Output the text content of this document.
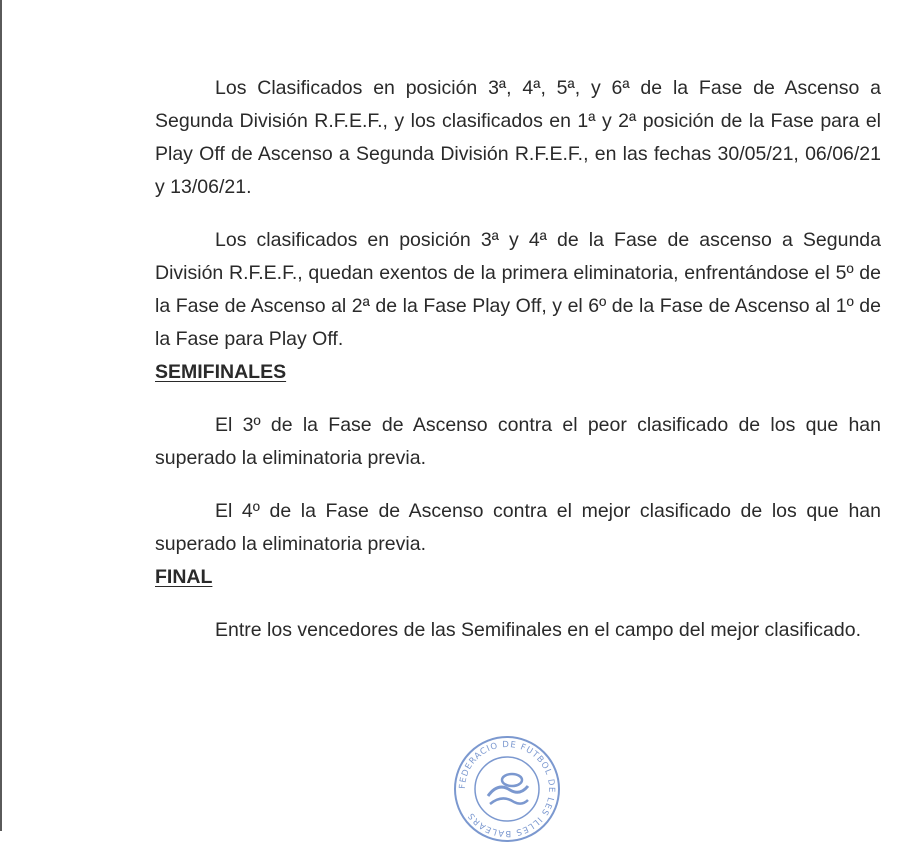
Los Clasificados en posición 3ª, 4ª, 5ª, y 6ª de la Fase de Ascenso a Segunda División R.F.E.F., y los clasificados en 1ª y 2ª posición de la Fase para el Play Off de Ascenso a Segunda División R.F.E.F., en las fechas 30/05/21, 06/06/21 y 13/06/21.

Los clasificados en posición 3ª y 4ª de la Fase de ascenso a Segunda División R.F.E.F., quedan exentos de la primera eliminatoria, enfrentándose el 5º de la Fase de Ascenso al 2ª de la Fase Play Off, y el 6º de la Fase de Ascenso al 1º de la Fase para Play Off.

SEMIFINALES

El 3º de la Fase de Ascenso contra el peor clasificado de los que han superado la eliminatoria previa.

El 4º de la Fase de Ascenso contra el mejor clasificado de los que han superado la eliminatoria previa.

FINAL

Entre los vencedores de las Semifinales en el campo del mejor clasificado.

FEDERACIO DE FUTBOL DE LES ILLES BALEARS
